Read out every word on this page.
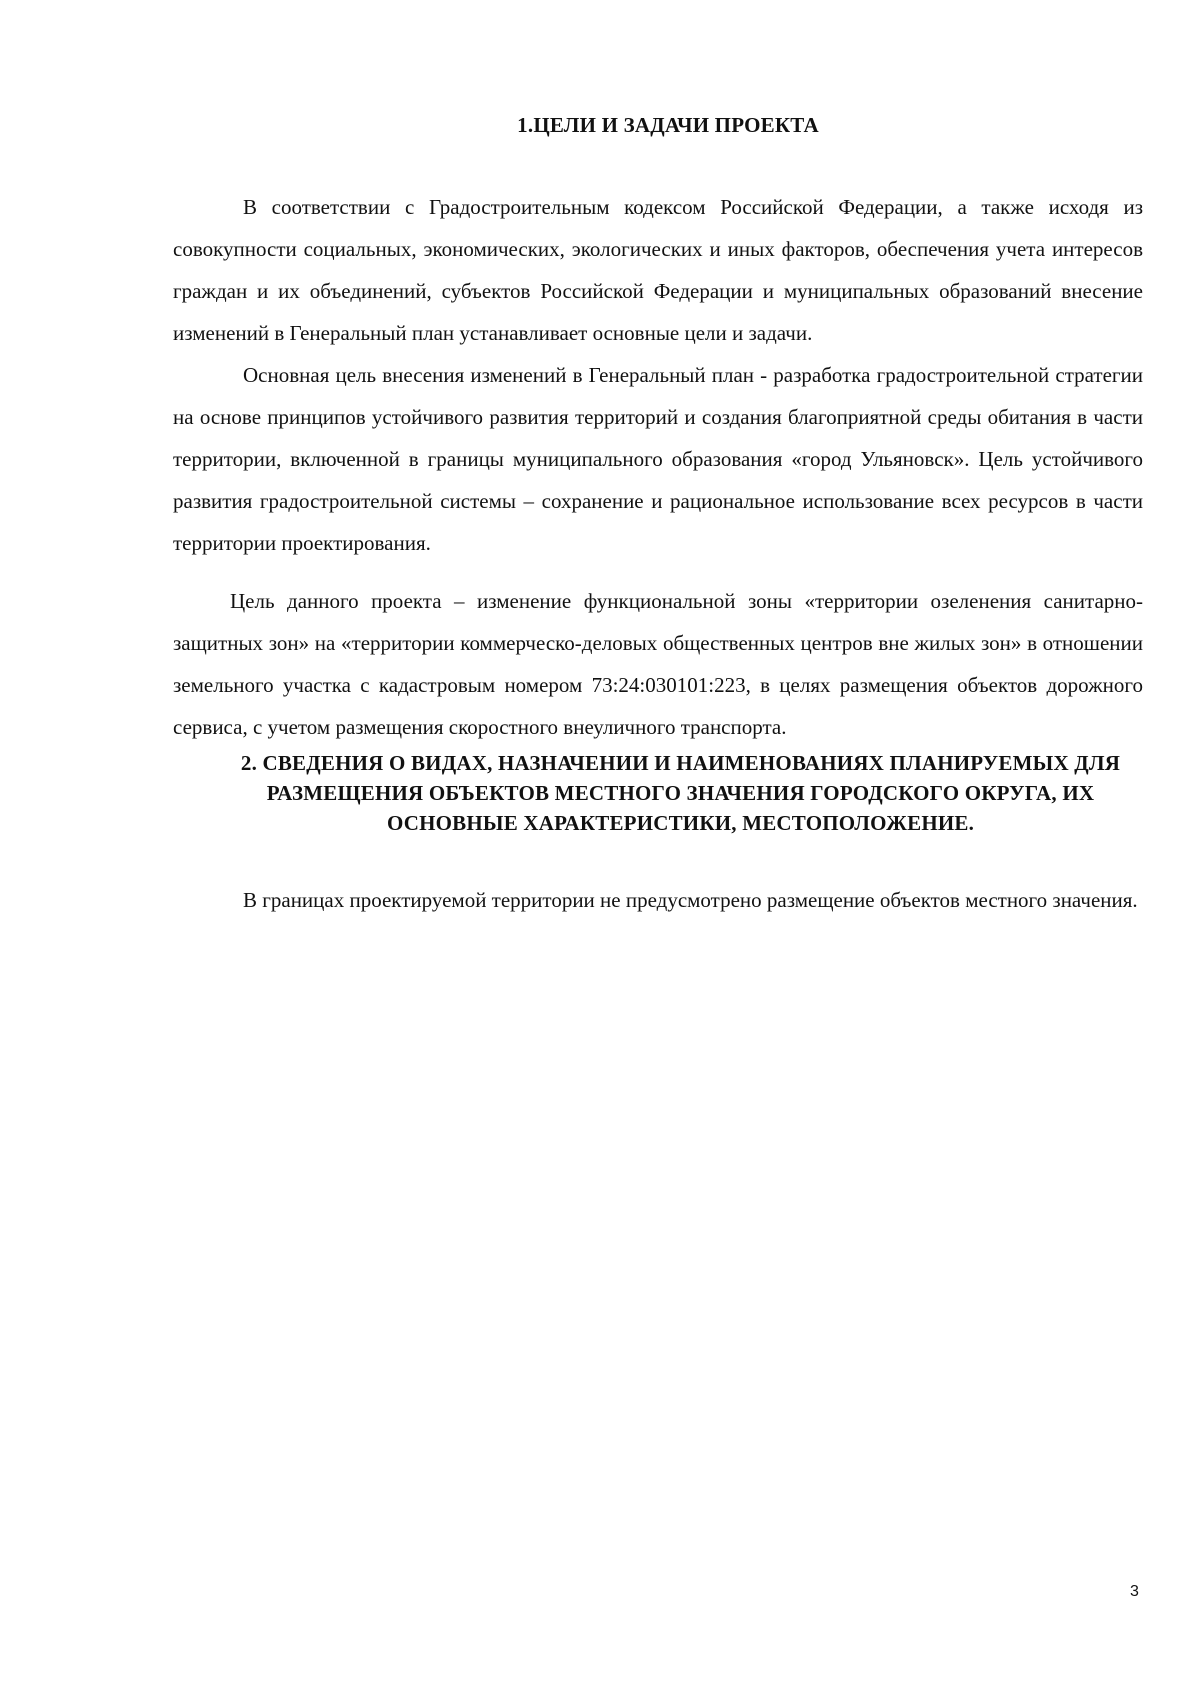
1.ЦЕЛИ И ЗАДАЧИ ПРОЕКТА

В соответствии с Градостроительным кодексом Российской Федерации, а также исходя из совокупности социальных, экономических, экологических и иных факторов, обеспечения учета интересов граждан и их объединений, субъектов Российской Федерации и муниципальных образований внесение изменений в Генеральный план устанавливает основные цели и задачи.

Основная цель внесения изменений в Генеральный план - разработка градостроительной стратегии на основе принципов устойчивого развития территорий и создания благоприятной среды обитания в части территории, включенной в границы муниципального образования «город Ульяновск». Цель устойчивого развития градостроительной системы – сохранение и рациональное использование всех ресурсов в части территории проектирования.

Цель данного проекта – изменение функциональной зоны «территории озеленения санитарно-защитных зон» на «территории коммерческо-деловых общественных центров вне жилых зон» в отношении земельного участка с кадастровым номером 73:24:030101:223, в целях размещения объектов дорожного сервиса, с учетом размещения скоростного внеуличного транспорта.

2. СВЕДЕНИЯ О ВИДАХ, НАЗНАЧЕНИИ И НАИМЕНОВАНИЯХ ПЛАНИРУЕМЫХ ДЛЯ РАЗМЕЩЕНИЯ ОБЪЕКТОВ МЕСТНОГО ЗНАЧЕНИЯ ГОРОДСКОГО ОКРУГА, ИХ ОСНОВНЫЕ ХАРАКТЕРИСТИКИ, МЕСТОПОЛОЖЕНИЕ.

В границах проектируемой территории не предусмотрено размещение объектов местного значения.

3
